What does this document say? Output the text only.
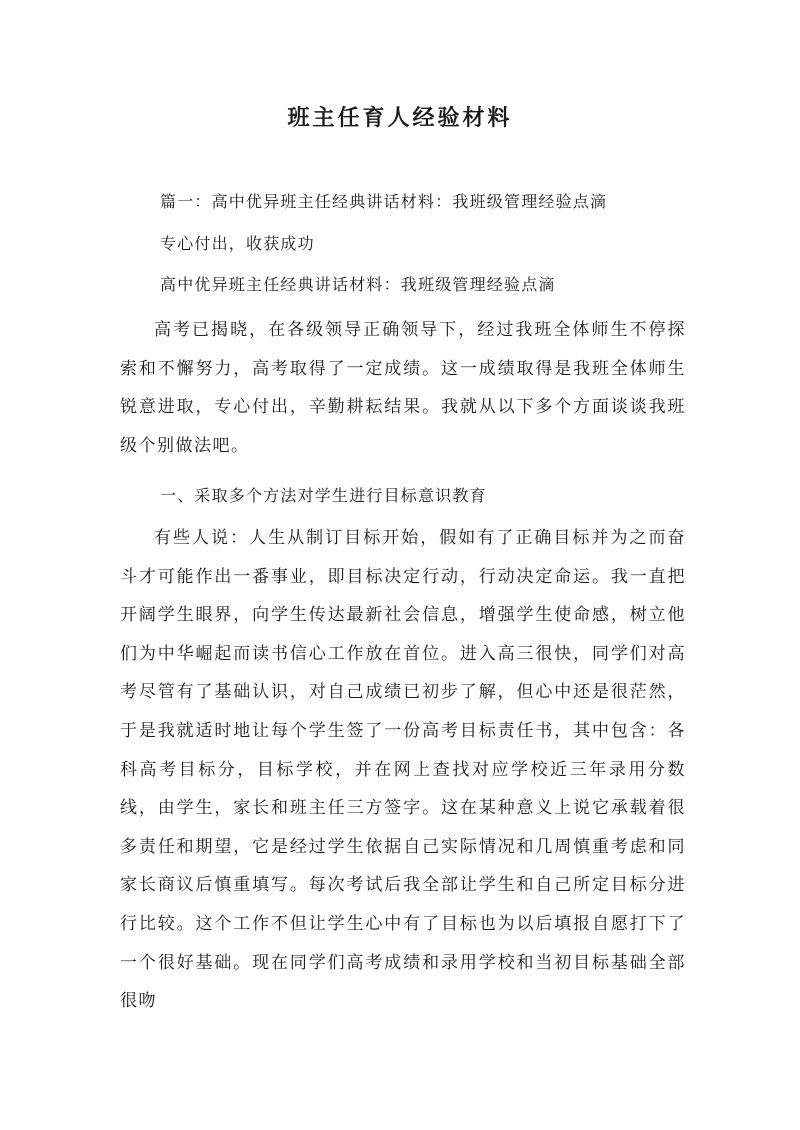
班主任育人经验材料
篇一：高中优异班主任经典讲话材料：我班级管理经验点滴
专心付出，收获成功
高中优异班主任经典讲话材料：我班级管理经验点滴
高考已揭晓，在各级领导正确领导下，经过我班全体师生不停探索和不懈努力，高考取得了一定成绩。这一成绩取得是我班全体师生锐意进取，专心付出，辛勤耕耘结果。我就从以下多个方面谈谈我班级个别做法吧。
一、采取多个方法对学生进行目标意识教育
有些人说：人生从制订目标开始，假如有了正确目标并为之而奋斗才可能作出一番事业，即目标决定行动，行动决定命运。我一直把开阔学生眼界，向学生传达最新社会信息，增强学生使命感，树立他们为中华崛起而读书信心工作放在首位。进入高三很快，同学们对高考尽管有了基础认识，对自己成绩已初步了解，但心中还是很茫然，于是我就适时地让每个学生签了一份高考目标责任书，其中包含：各科高考目标分，目标学校，并在网上查找对应学校近三年录用分数线，由学生，家长和班主任三方签字。这在某种意义上说它承载着很多责任和期望，它是经过学生依据自己实际情况和几周慎重考虑和同家长商议后慎重填写。每次考试后我全部让学生和自己所定目标分进行比较。这个工作不但让学生心中有了目标也为以后填报自愿打下了一个很好基础。现在同学们高考成绩和录用学校和当初目标基础全部很吻
